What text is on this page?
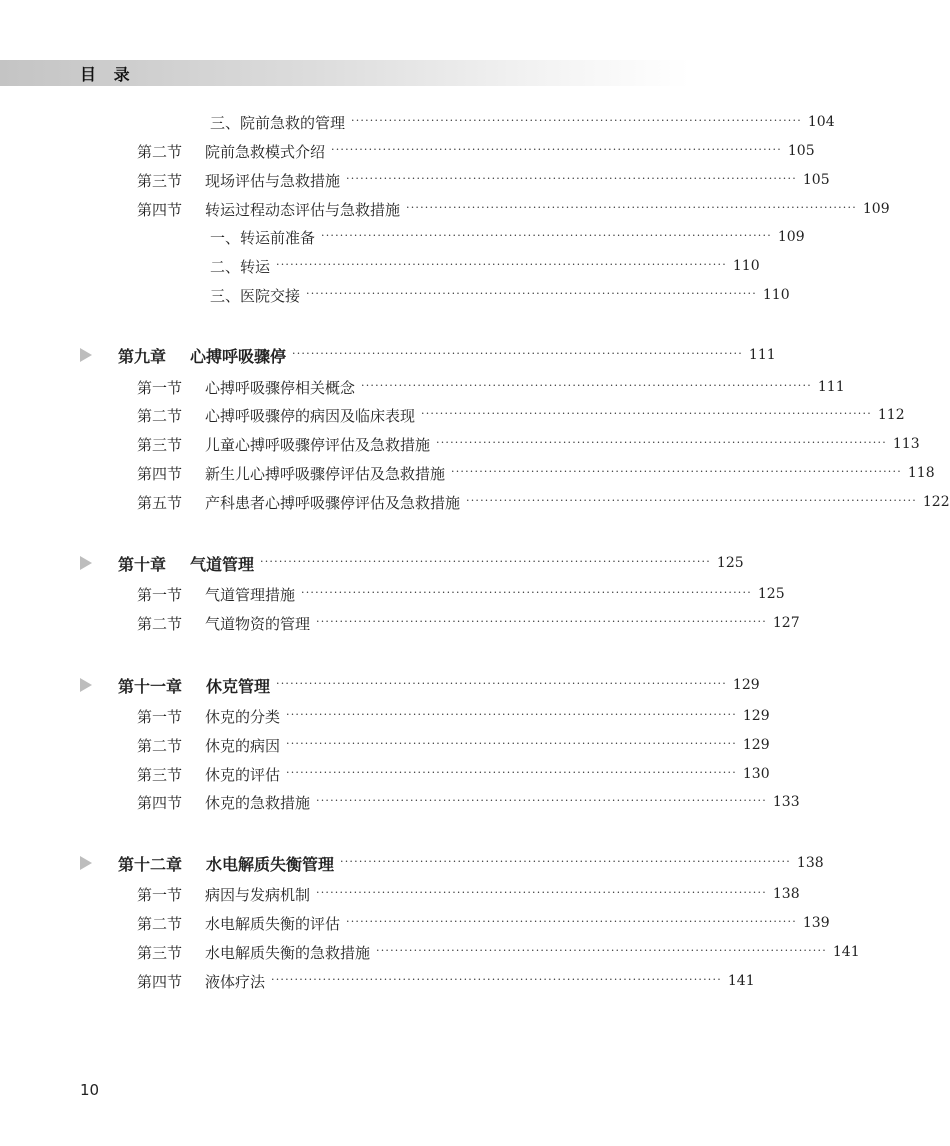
目 录
三、院前急救的管理 ································································································ 104
第二节	院前急救模式介绍 ································································································ 105
第三节	现场评估与急救措施 ································································································ 105
第四节	转运过程动态评估与急救措施 ································································································ 109
一、转运前准备 ································································································ 109
二、转运 ································································································ 110
三、医院交接 ································································································ 110
第九章 心搏呼吸骤停 ································································································ 111
第一节	心搏呼吸骤停相关概念 ································································································ 111
第二节	心搏呼吸骤停的病因及临床表现 ································································································ 112
第三节	儿童心搏呼吸骤停评估及急救措施 ································································································ 113
第四节	新生儿心搏呼吸骤停评估及急救措施 ································································································ 118
第五节	产科患者心搏呼吸骤停评估及急救措施 ································································································ 122
第十章 气道管理 ································································································ 125
第一节	气道管理措施 ································································································ 125
第二节	气道物资的管理 ································································································ 127
第十一章 休克管理 ································································································ 129
第一节	休克的分类 ································································································ 129
第二节	休克的病因 ································································································ 129
第三节	休克的评估 ································································································ 130
第四节	休克的急救措施 ································································································ 133
第十二章 水电解质失衡管理 ································································································ 138
第一节	病因与发病机制 ································································································ 138
第二节	水电解质失衡的评估 ································································································ 139
第三节	水电解质失衡的急救措施 ································································································ 141
第四节	液体疗法 ································································································ 141
10
